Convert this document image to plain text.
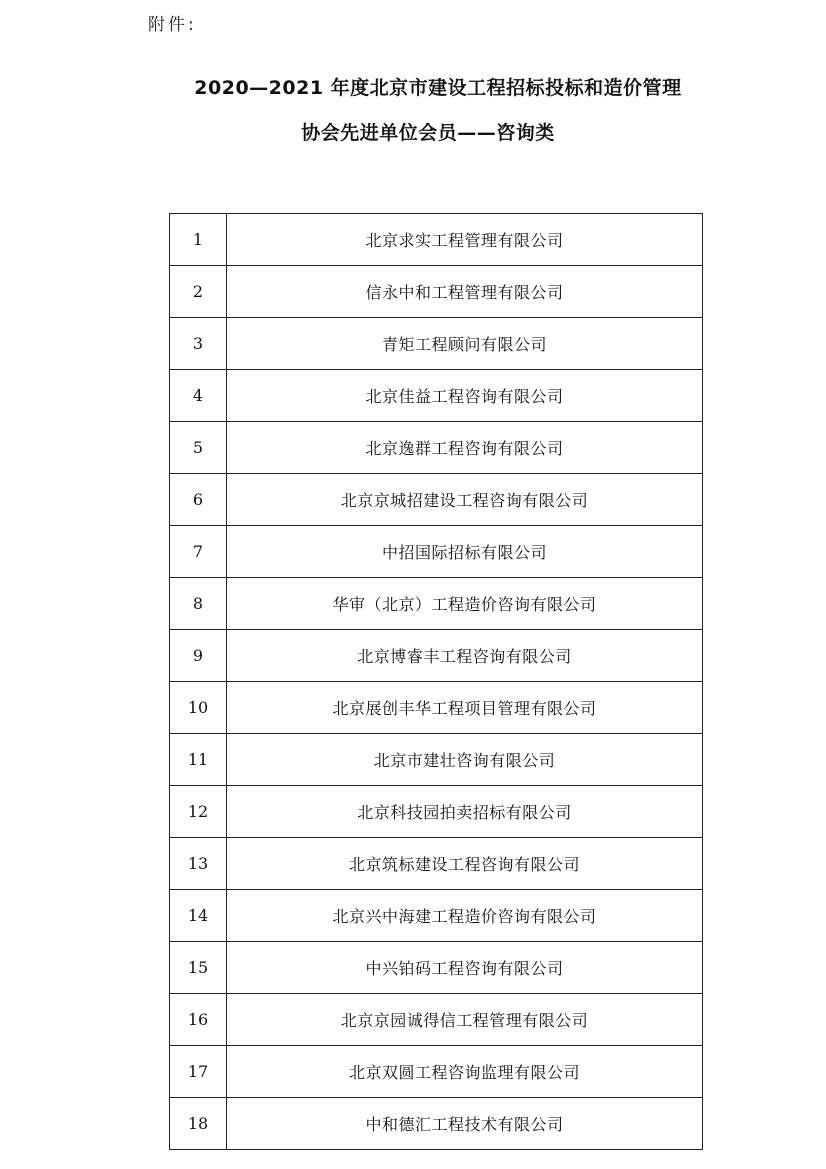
附件:
2020—2021 年度北京市建设工程招标投标和造价管理
协会先进单位会员——咨询类
1	北京求实工程管理有限公司
2	信永中和工程管理有限公司
3	青矩工程顾问有限公司
4	北京佳益工程咨询有限公司
5	北京逸群工程咨询有限公司
6	北京京城招建设工程咨询有限公司
7	中招国际招标有限公司
8	华审（北京）工程造价咨询有限公司
9	北京博睿丰工程咨询有限公司
10	北京展创丰华工程项目管理有限公司
11	北京市建壮咨询有限公司
12	北京科技园拍卖招标有限公司
13	北京筑标建设工程咨询有限公司
14	北京兴中海建工程造价咨询有限公司
15	中兴铂码工程咨询有限公司
16	北京京园诚得信工程管理有限公司
17	北京双圆工程咨询监理有限公司
18	中和德汇工程技术有限公司
